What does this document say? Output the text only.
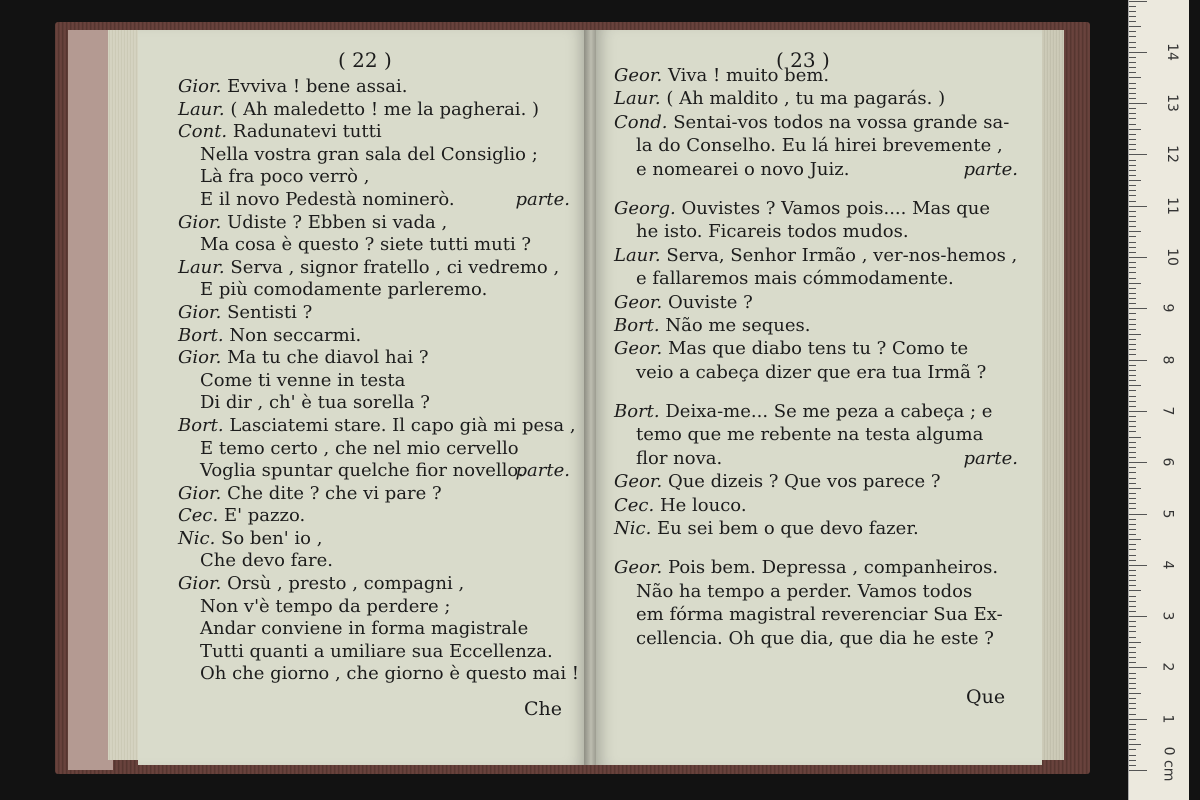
( 22 )
Gior. Evviva ! bene assai.
Laur. ( Ah maledetto ! me la pagherai. )
Cont. Radunatevi tutti
Nella vostra gran sala del Consiglio ;
Là fra poco verrò ,
E il novo Pedestà nominerò.	parte.
Gior. Udiste ? Ebben si vada ,
Ma cosa è questo ? siete tutti muti ?
Laur. Serva , signor fratello , ci vedremo ,
E più comodamente parleremo.
Gior. Sentisti ?
Bort. Non seccarmi.
Gior. Ma tu che diavol hai ?
Come ti venne in testa
Di dir , ch' è tua sorella ?
Bort. Lasciatemi stare. Il capo già mi pesa ,
E temo certo , che nel mio cervello
Voglia spuntar quelche fior novello.
parte.
Gior. Che dite ? che vi pare ?
Cec. E' pazzo.
Nic. So ben' io ,
Che devo fare.
Gior. Orsù , presto , compagni ,
Non v'è tempo da perdere ;
Andar conviene in forma magistrale
Tutti quanti a umiliare sua Eccellenza.
Oh che giorno , che giorno è questo mai !
Che
( 23 )
Geor. Viva ! muito bem.
Laur. ( Ah maldito , tu ma pagarás. )
Cond. Sentai-vos todos na vossa grande sa-
la do Conselho. Eu lá hirei brevemente ,
e nomearei o novo Juiz.	parte.
Georg. Ouvistes ? Vamos pois.... Mas que
he isto. Ficareis todos mudos.
Laur. Serva, Senhor Irmão , ver-nos-hemos ,
e fallaremos mais cómmodamente.
Geor. Ouviste ?
Bort. Não me seques.
Geor. Mas que diabo tens tu ? Como te
veio a cabeça dizer que era tua Irmã ?
Bort. Deixa-me... Se me peza a cabeça ; e
temo que me rebente na testa alguma
flor nova.	parte.
Geor. Que dizeis ? Que vos parece ?
Cec. He louco.
Nic. Eu sei bem o que devo fazer.
Geor. Pois bem. Depressa , companheiros.
Não ha tempo a perder. Vamos todos
em fórma magistral reverenciar Sua Ex-
cellencia. Oh que dia, que dia he este ?
Que
14
13
12
11
10
9
8
7
6
5
4
3
2
1
0 cm
